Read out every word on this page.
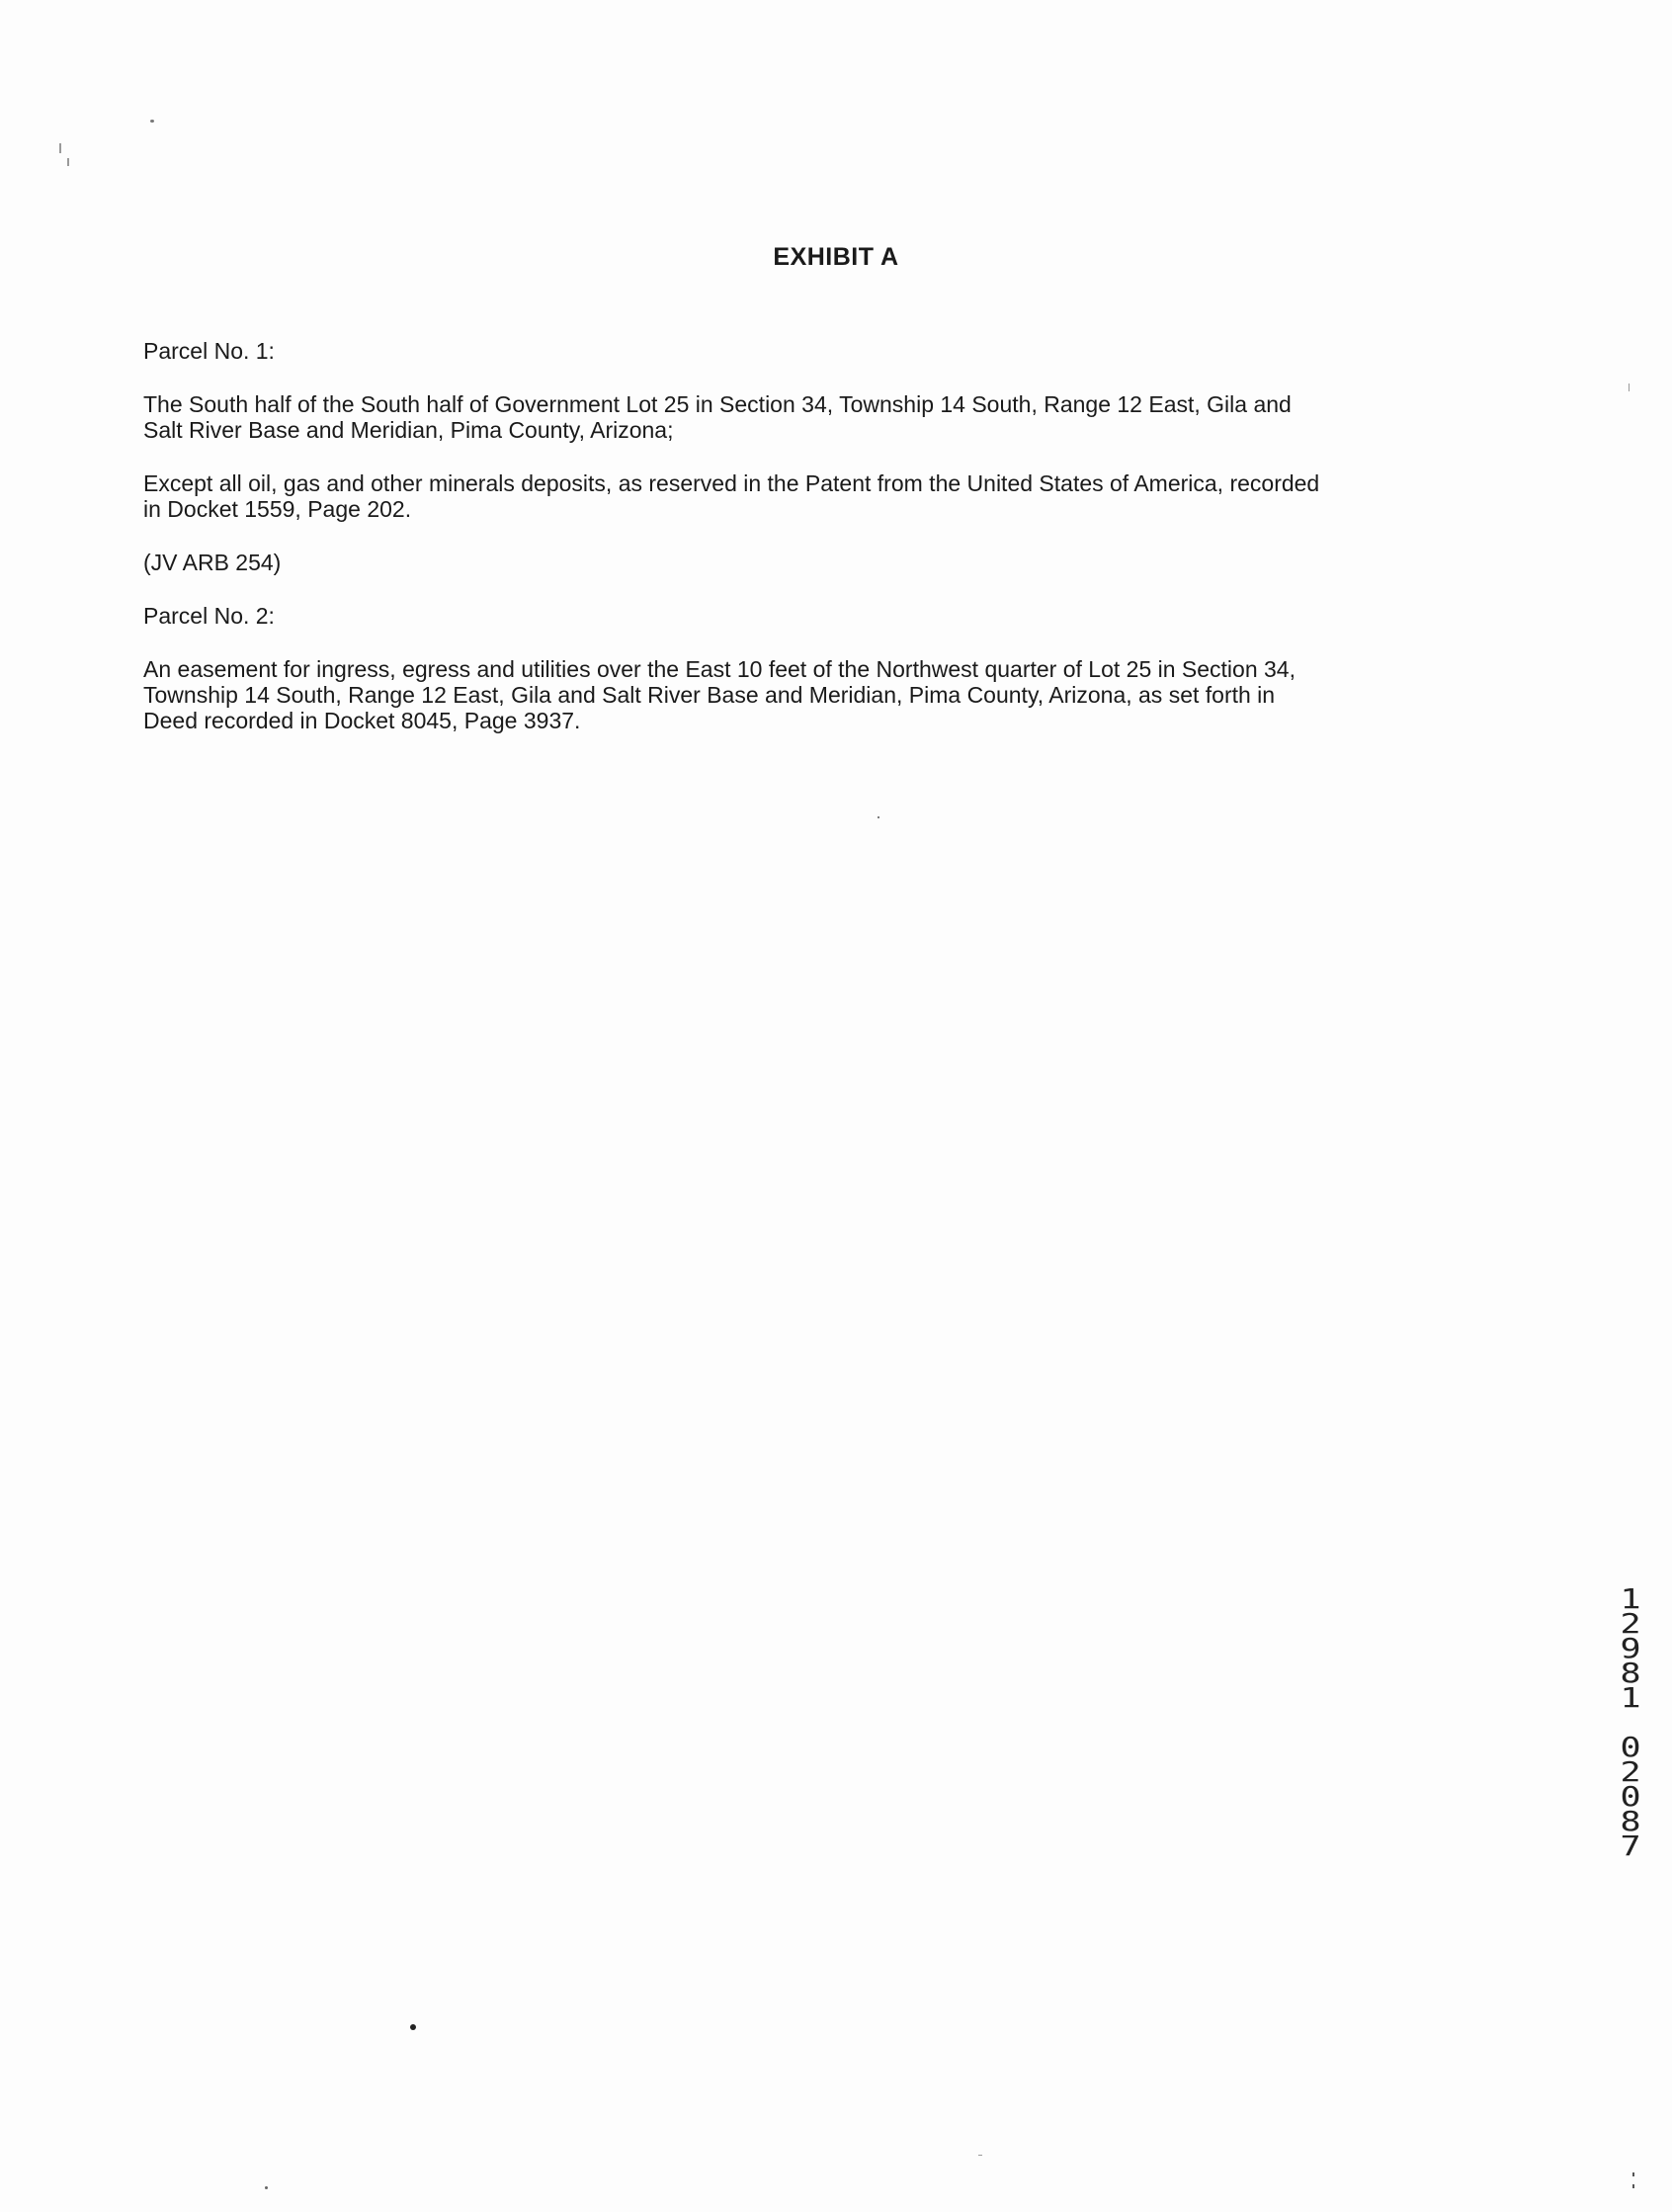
EXHIBIT A

Parcel No. 1:

The South half of the South half of Government Lot 25 in Section 34, Township 14 South, Range 12 East, Gila and
Salt River Base and Meridian, Pima County, Arizona;

Except all oil, gas and other minerals deposits, as reserved in the Patent from the United States of America, recorded
in Docket 1559, Page 202.

(JV ARB 254)

Parcel No. 2:

An easement for ingress, egress and utilities over the East 10 feet of the Northwest quarter of Lot 25 in Section 34,
Township 14 South, Range 12 East, Gila and Salt River Base and Meridian, Pima County, Arizona, as set forth in
Deed recorded in Docket 8045, Page 3937.

1
2
9
8
1
0
2
0
8
7
